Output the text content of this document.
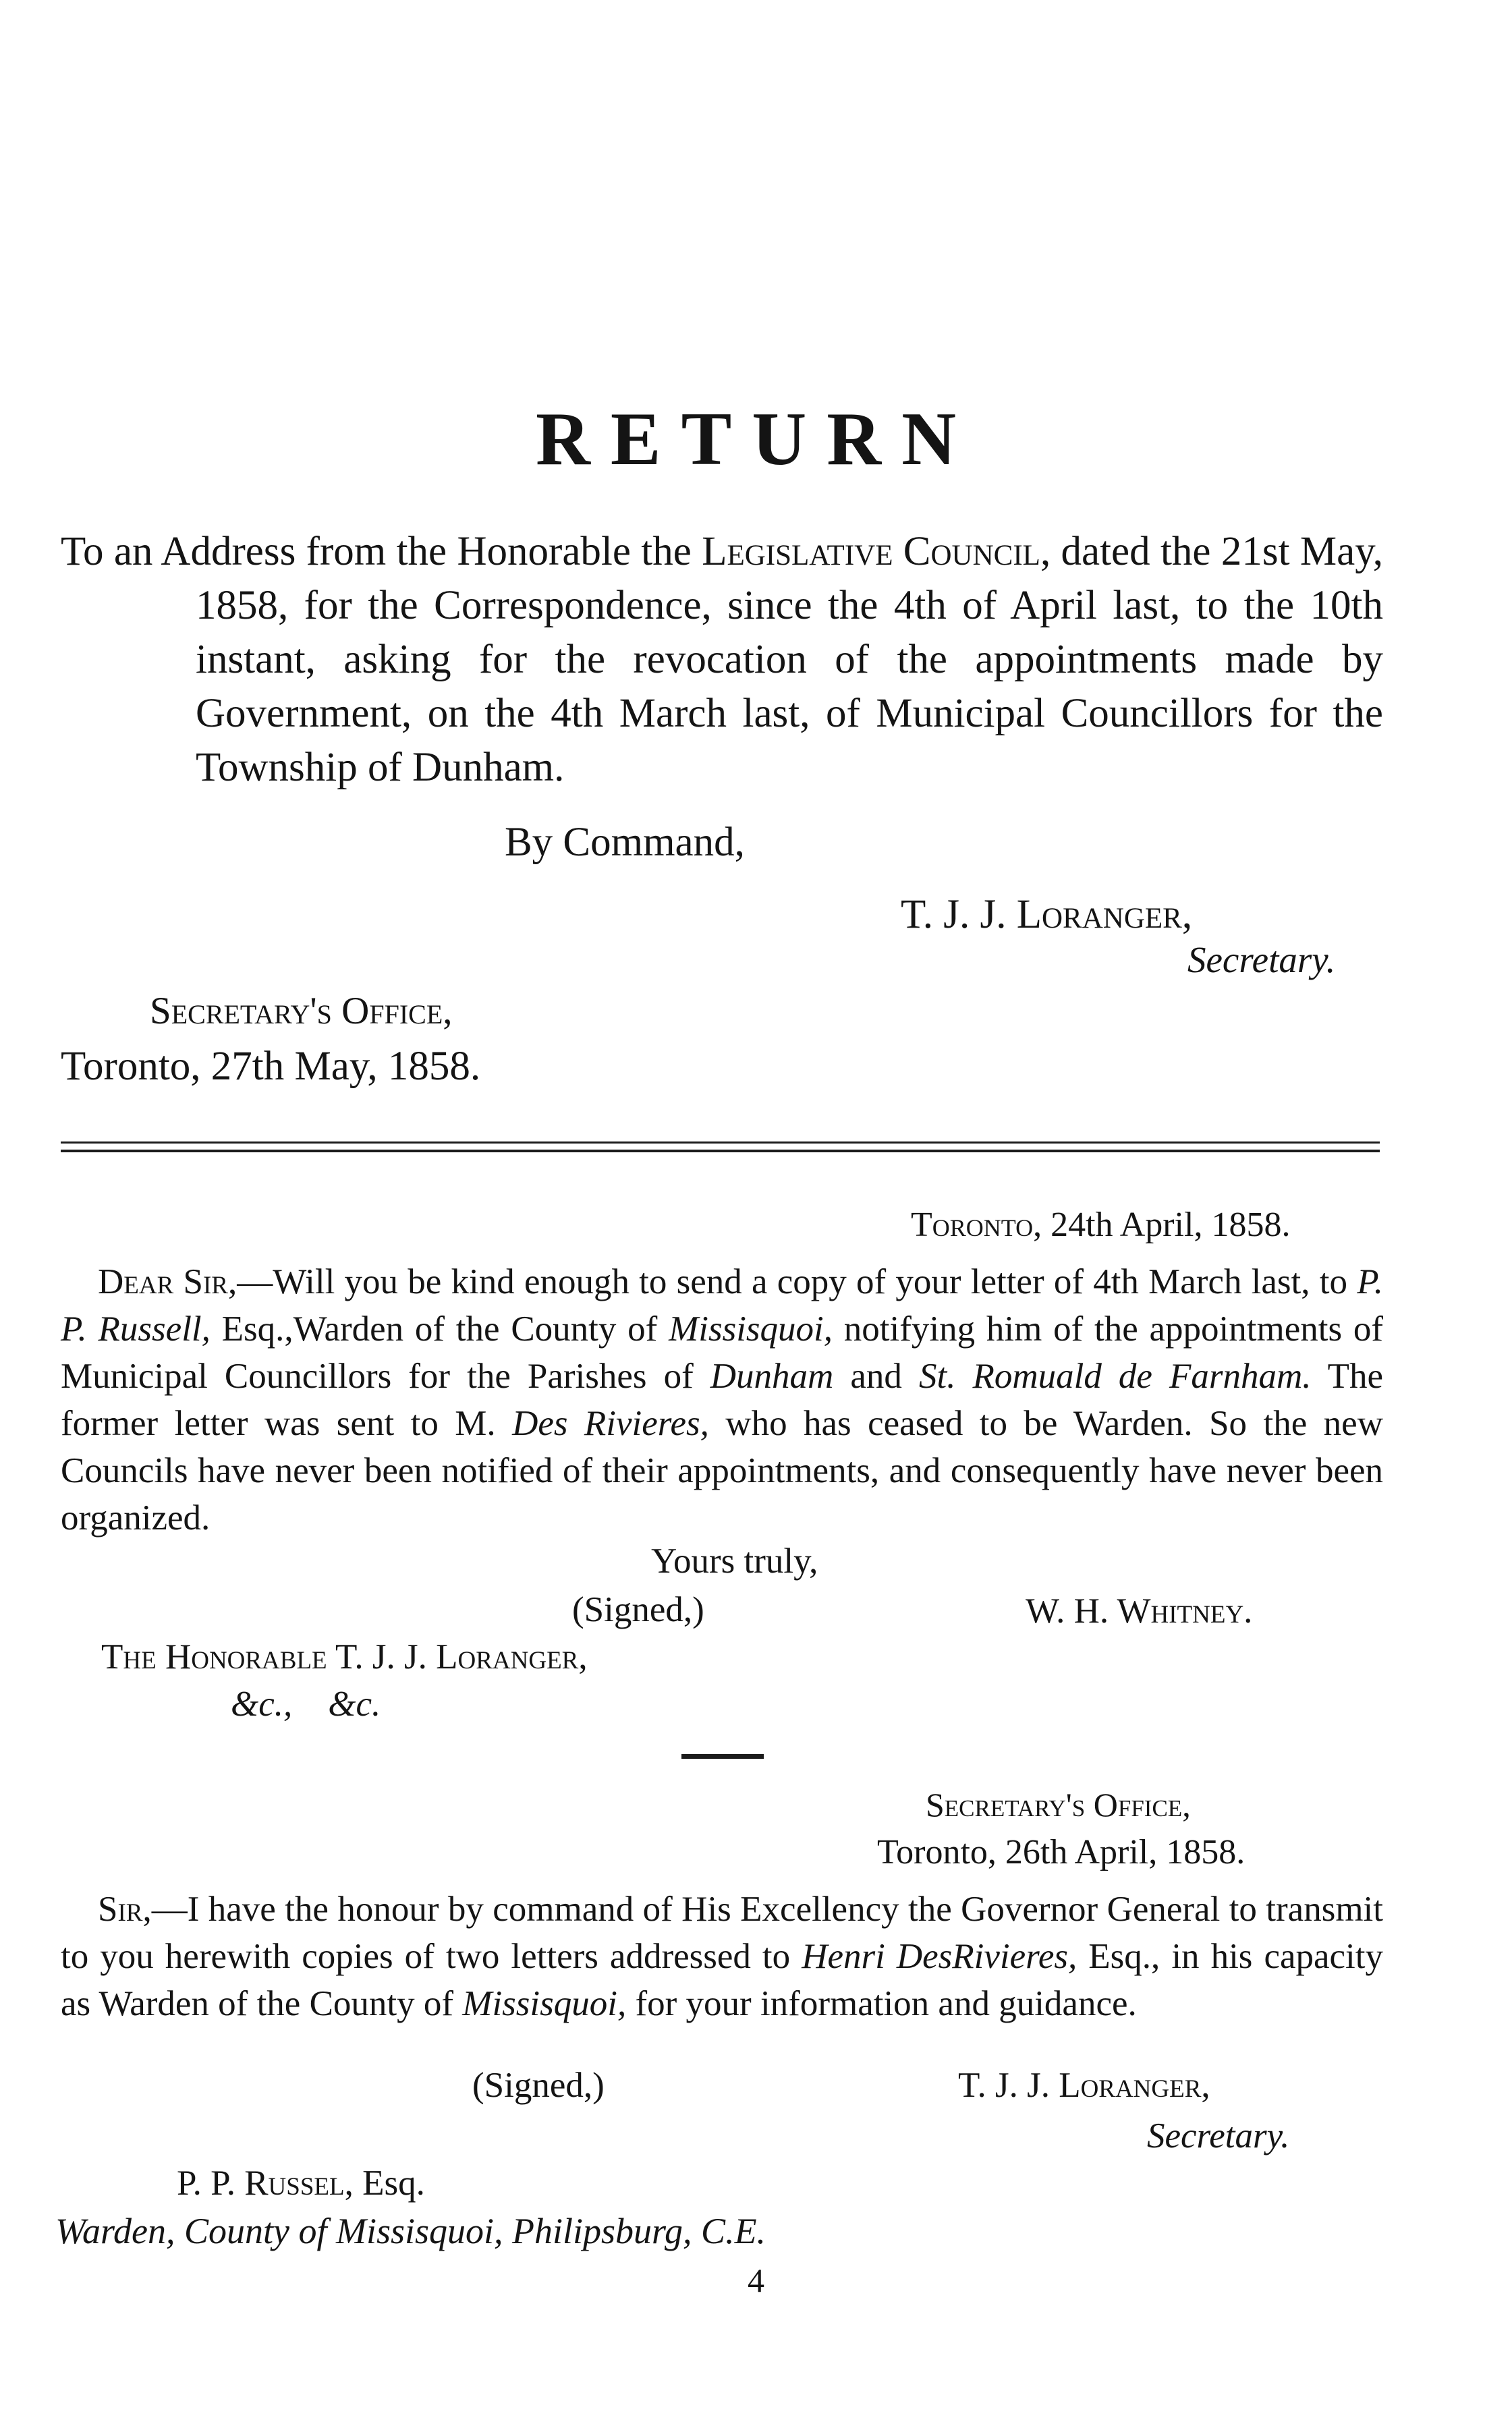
RETURN
To an Address from the Honorable the Legislative Council, dated the 21st May, 1858, for the Correspondence, since the 4th of April last, to the 10th instant, asking for the revocation of the appointments made by Government, on the 4th March last, of Municipal Councillors for the Township of Dunham.
By Command,
T. J. J. Loranger,
Secretary.
Secretary's Office,
Toronto, 27th May, 1858.
Toronto, 24th April, 1858.
Dear Sir,—Will you be kind enough to send a copy of your letter of 4th March last, to P. P. Russell, Esq.,Warden of the County of Missisquoi, notifying him of the appointments of Municipal Councillors for the Parishes of Dunham and St. Romuald de Farnham. The former letter was sent to M. Des Rivieres, who has ceased to be Warden. So the new Councils have never been notified of their appointments, and consequently have never been organized.
Yours truly,
(Signed,)	W. H. Whitney.
The Honorable T. J. J. Loranger,
&c.,    &c.
Secretary's Office,
Toronto, 26th April, 1858.
Sir,—I have the honour by command of His Excellency the Governor General to transmit to you herewith copies of two letters addressed to Henri DesRivieres, Esq., in his capacity as Warden of the County of Missisquoi, for your information and guidance.
(Signed,)	T. J. J. Loranger,
Secretary.
P. P. Russel, Esq.
Warden, County of Missisquoi, Philipsburg, C.E.
4
